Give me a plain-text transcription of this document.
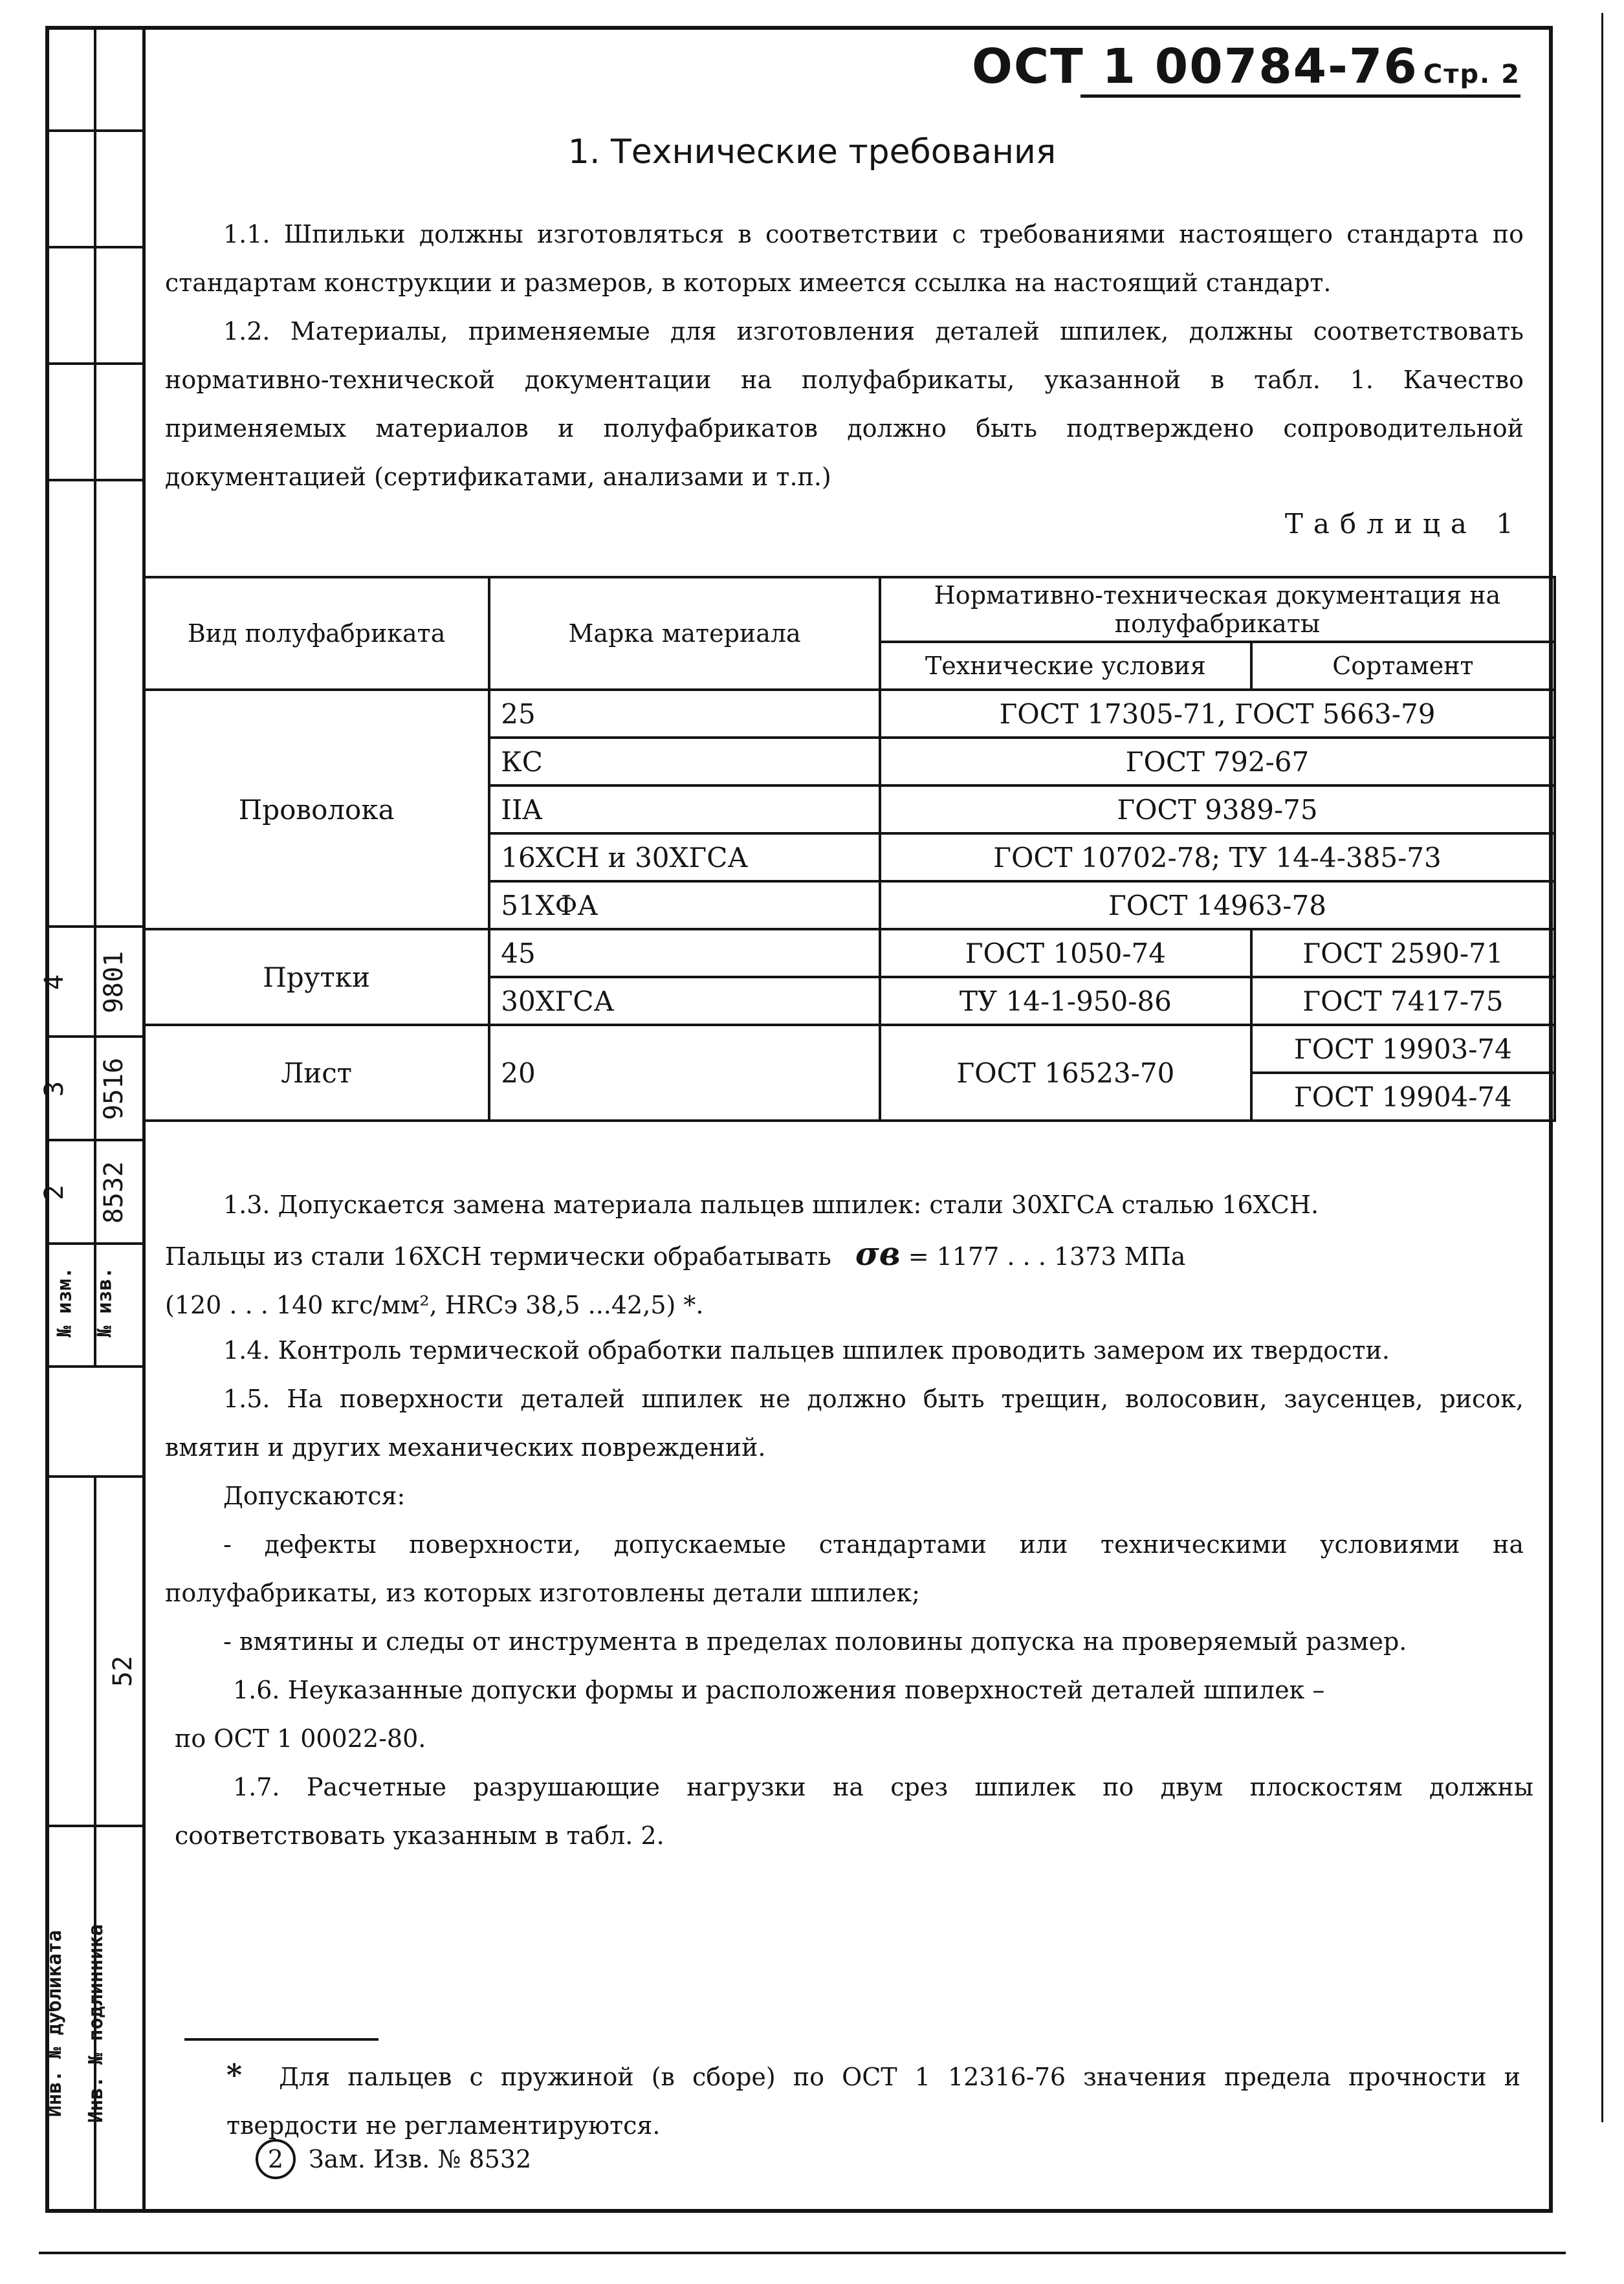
4 9801
3 9516
2 8532
№ изм. № изв.
52
Инв. № дубликата Инв. № подлинника
ОСТ 1 00784-76 Стр. 2
1. Технические требования
1.1. Шпильки должны изготовляться в соответствии с требованиями настоящего стандарта по стандартам конструкции и размеров, в которых имеется ссылка на настоящий стандарт.
1.2. Материалы, применяемые для изготовления деталей шпилек, должны соответствовать нормативно-технической документации на полуфабрикаты, указанной в табл. 1. Качество применяемых материалов и полуфабрикатов должно быть подтверждено сопроводительной документацией (сертификатами, анализами и т.п.)
Таблица 1
Вид полуфабриката	Марка материала	Нормативно-техническая документация на полуфабрикаты	
		Технические условия	Сортамент
Проволока	25	ГОСТ 17305-71, ГОСТ 5663-79	
	КС	ГОСТ 792-67	
	IIA	ГОСТ 9389-75	
	16ХСН и 30ХГСА	ГОСТ 10702-78; ТУ 14-4-385-73	
	51ХФА	ГОСТ 14963-78	
Прутки	45	ГОСТ 1050-74	ГОСТ 2590-71
	30ХГСА	ТУ 14-1-950-86	ГОСТ 7417-75
Лист	20	ГОСТ 16523-70	ГОСТ 19903-74
			ГОСТ 19904-74
1.3. Допускается замена материала пальцев шпилек: стали 30ХГСА сталью 16ХСН.
Пальцы из стали 16ХСН термически обрабатывать σв = 1177 . . . 1373 МПа
(120 . . . 140 кгс/мм², HRCэ 38,5 ...42,5) *.
1.4. Контроль термической обработки пальцев шпилек проводить замером их твердости.
1.5. На поверхности деталей шпилек не должно быть трещин, волосовин, заусенцев, рисок, вмятин и других механических повреждений.
Допускаются:
- дефекты поверхности, допускаемые стандартами или техническими условиями на полуфабрикаты, из которых изготовлены детали шпилек;
- вмятины и следы от инструмента в пределах половины допуска на проверяемый размер.
1.6. Неуказанные допуски формы и расположения поверхностей деталей шпилек –
по ОСТ 1 00022-80.
1.7. Расчетные разрушающие нагрузки на срез шпилек по двум плоскостям должны соответствовать указанным в табл. 2.
* Для пальцев с пружиной (в сборе) по ОСТ 1 12316-76 значения предела прочности и твердости не регламентируются.
2 Зам. Изв. № 8532
